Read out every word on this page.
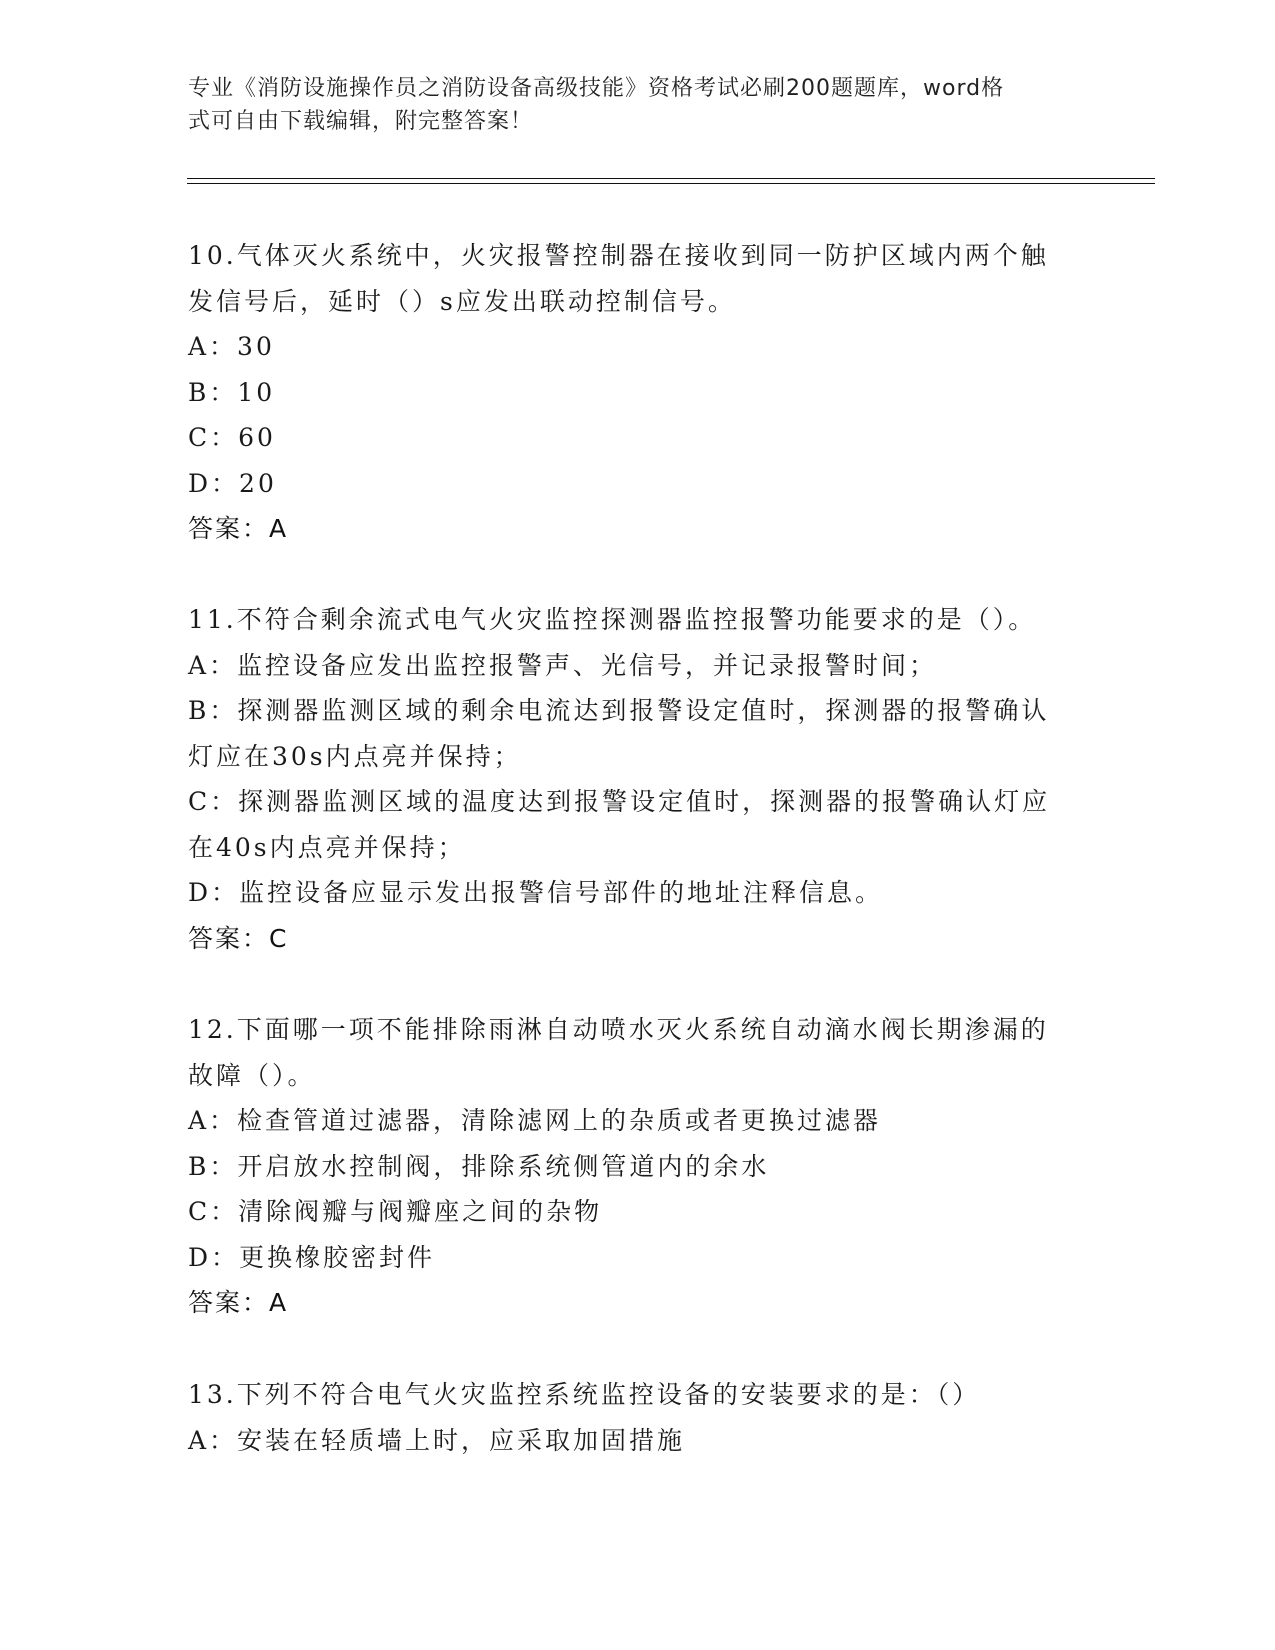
专业《消防设施操作员之消防设备高级技能》资格考试必刷200题题库，word格
式可自由下载编辑，附完整答案！
10.气体灭火系统中，火灾报警控制器在接收到同一防护区域内两个触
发信号后，延时（）s应发出联动控制信号。
A：30
B：10
C：60
D：20
答案：A
11.不符合剩余流式电气火灾监控探测器监控报警功能要求的是（）。
A：监控设备应发出监控报警声、光信号，并记录报警时间；
B：探测器监测区域的剩余电流达到报警设定值时，探测器的报警确认
灯应在30s内点亮并保持；
C：探测器监测区域的温度达到报警设定值时，探测器的报警确认灯应
在40s内点亮并保持；
D：监控设备应显示发出报警信号部件的地址注释信息。
答案：C
12.下面哪一项不能排除雨淋自动喷水灭火系统自动滴水阀长期渗漏的
故障（）。
A：检查管道过滤器，清除滤网上的杂质或者更换过滤器
B：开启放水控制阀，排除系统侧管道内的余水
C：清除阀瓣与阀瓣座之间的杂物
D：更换橡胶密封件
答案：A
13.下列不符合电气火灾监控系统监控设备的安装要求的是：（）
A：安装在轻质墙上时，应采取加固措施
